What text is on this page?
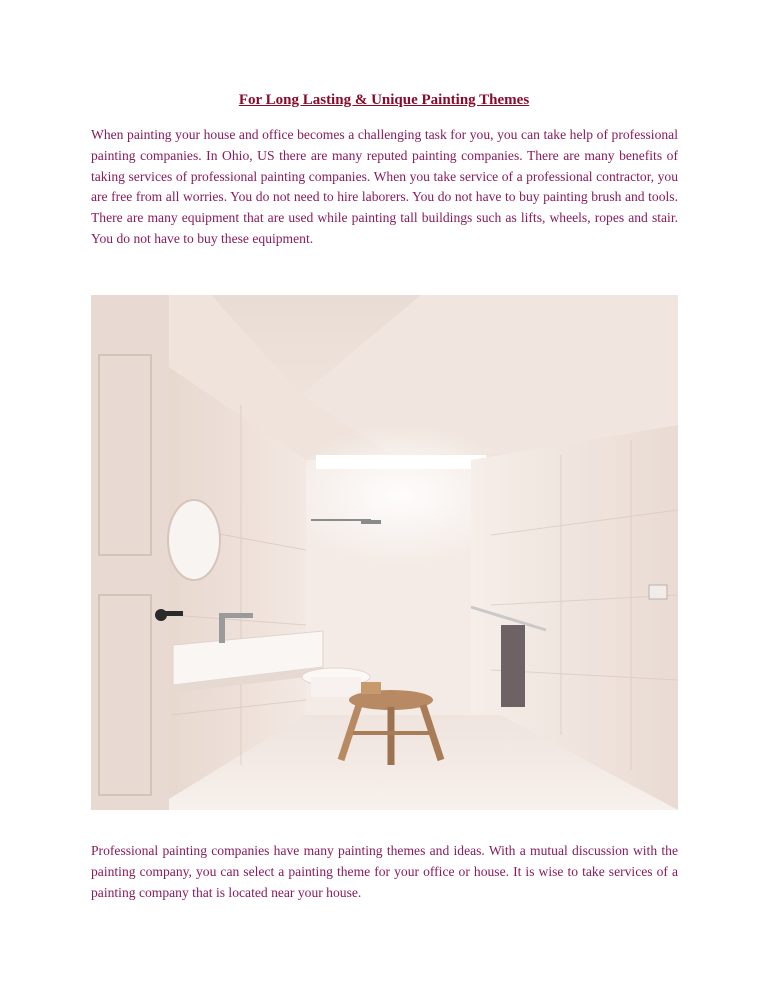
For Long Lasting & Unique Painting Themes

When painting your house and office becomes a challenging task for you, you can take help of professional painting companies. In Ohio, US there are many reputed painting companies. There are many benefits of taking services of professional painting companies. When you take service of a professional contractor, you are free from all worries. You do not need to hire laborers. You do not have to buy painting brush and tools. There are many equipment that are used while painting tall buildings such as lifts, wheels, ropes and stair. You do not have to buy these equipment.

Professional painting companies have many painting themes and ideas. With a mutual discussion with the painting company, you can select a painting theme for your office or house. It is wise to take services of a painting company that is located near your house.
